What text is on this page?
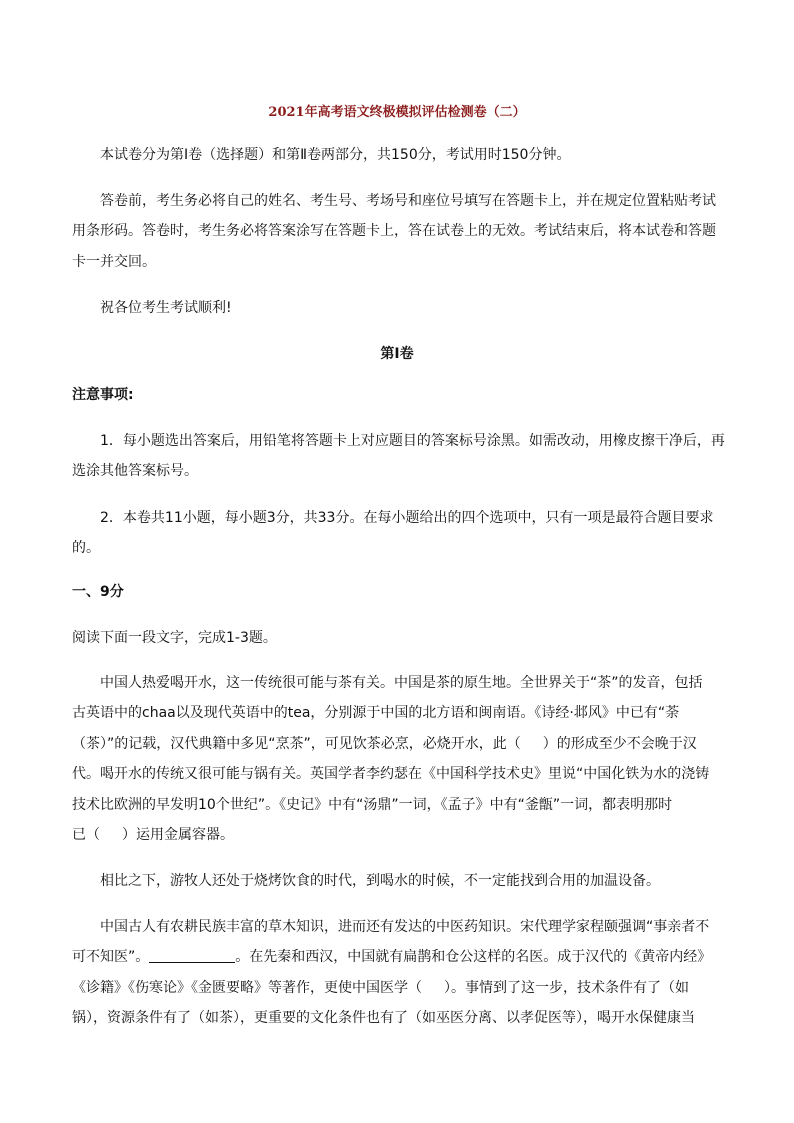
2021年高考语文终极模拟评估检测卷（二）

本试卷分为第Ⅰ卷（选择题）和第Ⅱ卷两部分，共150分，考试用时150分钟。

答卷前，考生务必将自己的姓名、考生号、考场号和座位号填写在答题卡上，并在规定位置粘贴考试

用条形码。答卷时，考生务必将答案涂写在答题卡上，答在试卷上的无效。考试结束后，将本试卷和答题

卡一并交回。

祝各位考生考试顺利!

第Ⅰ卷

注意事项:

1．每小题选出答案后，用铅笔将答题卡上对应题目的答案标号涂黑。如需改动，用橡皮擦干净后，再

选涂其他答案标号。

2．本卷共11小题，每小题3分，共33分。在每小题给出的四个选项中，只有一项是最符合题目要求

的。

一、9分

阅读下面一段文字，完成1-3题。

中国人热爱喝开水，这一传统很可能与茶有关。中国是茶的原生地。全世界关于“茶”的发音，包括

古英语中的chaa以及现代英语中的tea，分别源于中国的北方语和闽南语。《诗经·邶风》中已有“荼

（茶）”的记载，汉代典籍中多见“烹茶”，可见饮茶必烹，必烧开水，此（ ）的形成至少不会晚于汉

代。喝开水的传统又很可能与锅有关。英国学者李约瑟在《中国科学技术史》里说“中国化铁为水的浇铸

技术比欧洲的早发明10个世纪”。《史记》中有“汤鼎”一词，《孟子》中有“釜甑”一词，都表明那时

已（ ）运用金属容器。

相比之下，游牧人还处于烧烤饮食的时代，到喝水的时候，不一定能找到合用的加温设备。

中国古人有农耕民族丰富的草木知识，进而还有发达的中医药知识。宋代理学家程颐强调“事亲者不

可不知医”。	。在先秦和西汉，中国就有扁鹊和仓公这样的名医。成于汉代的《黄帝内经》

《诊籍》《伤寒论》《金匮要略》等著作，更使中国医学（ ）。事情到了这一步，技术条件有了（如

锅），资源条件有了（如茶），更重要的文化条件也有了（如巫医分离、以孝促医等），喝开水保健康当
